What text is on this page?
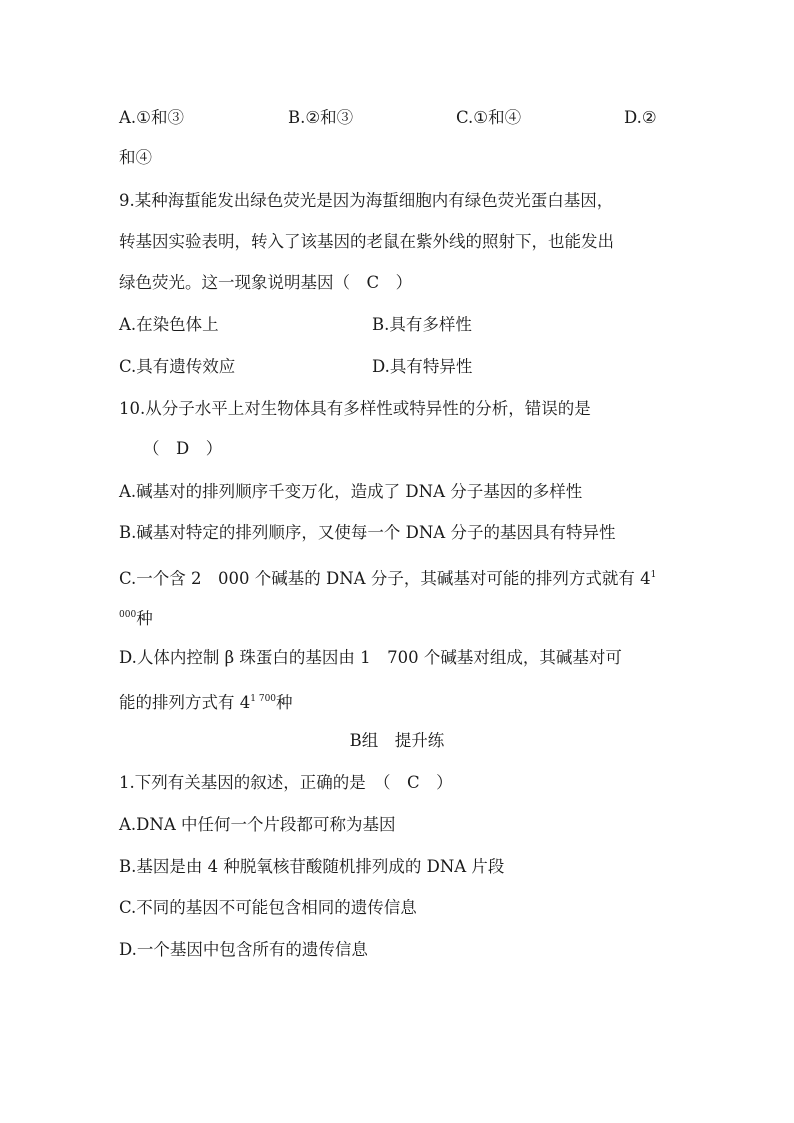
A.①和③	B.②和③	C.①和④	D.②
和④
9.某种海蜇能发出绿色荧光是因为海蜇细胞内有绿色荧光蛋白基因，
转基因实验表明，转入了该基因的老鼠在紫外线的照射下，也能发出
绿色荧光。这一现象说明基因（　C　）
A.在染色体上	B.具有多样性
C.具有遗传效应	D.具有特异性
10.从分子水平上对生物体具有多样性或特异性的分析，错误的是
（　D　）
A.碱基对的排列顺序千变万化，造成了 DNA 分子基因的多样性
B.碱基对特定的排列顺序，又使每一个 DNA 分子的基因具有特异性
C.一个含 2　000 个碱基的 DNA 分子，其碱基对可能的排列方式就有 $4^1$
$^{000}$种
D.人体内控制 β 珠蛋白的基因由 1　700 个碱基对组成，其碱基对可
能的排列方式有 $4^{1 700}$种
B组　提升练
1.下列有关基因的叙述，正确的是　（　C　）
A.DNA 中任何一个片段都可称为基因
B.基因是由 4 种脱氧核苷酸随机排列成的 DNA 片段
C.不同的基因不可能包含相同的遗传信息
D.一个基因中包含所有的遗传信息
